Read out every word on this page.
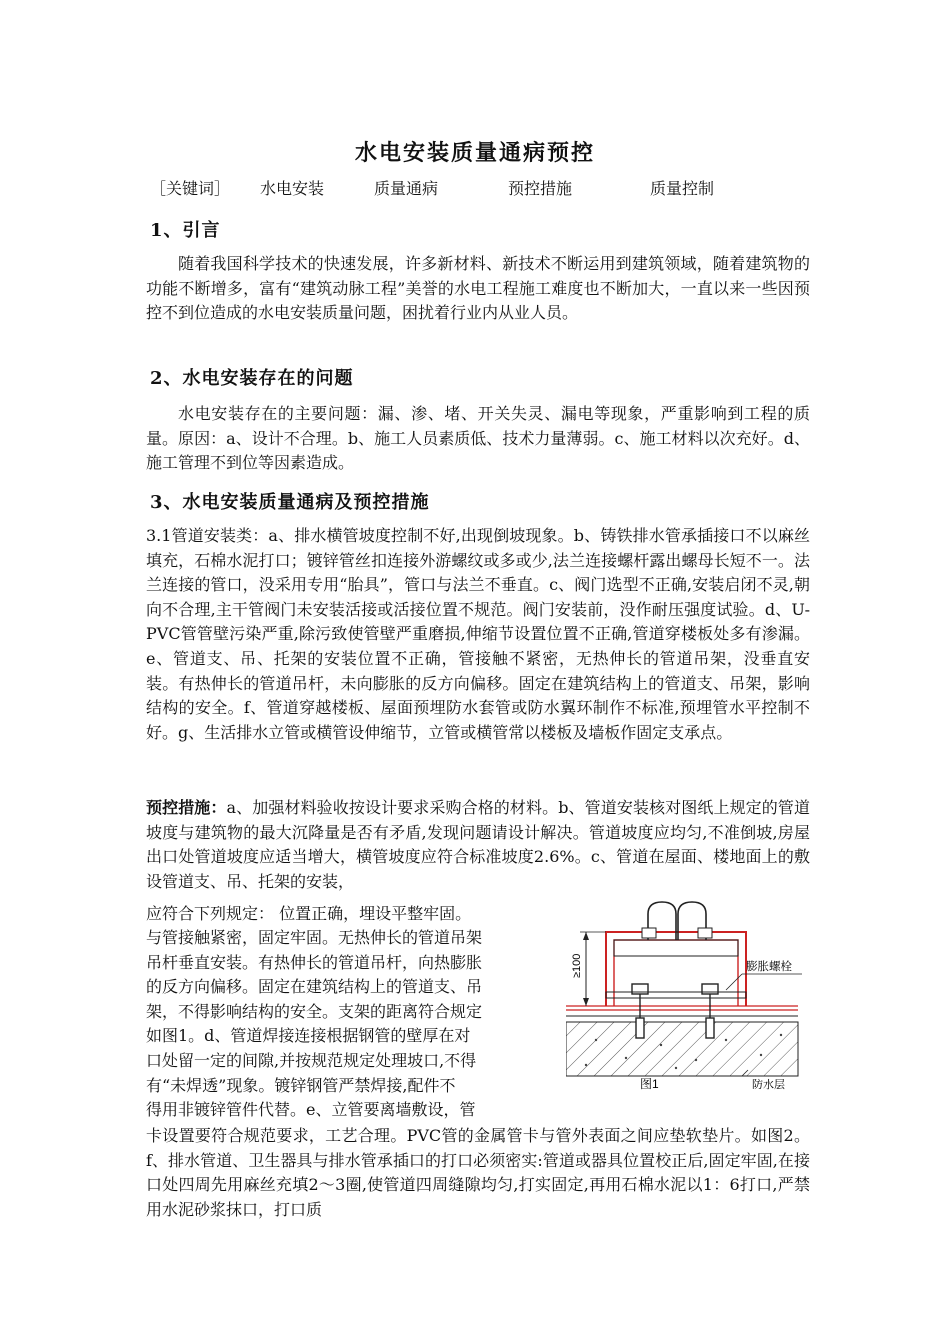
水电安装质量通病预控
［关键词］ 水电安装	质量通病	预控措施	质量控制
1、引言
随着我国科学技术的快速发展，许多新材料、新技术不断运用到建筑领域，随着建筑物的功能不断增多，富有“建筑动脉工程”美誉的水电工程施工难度也不断加大，一直以来一些因预控不到位造成的水电安装质量问题，困扰着行业内从业人员。
2、水电安装存在的问题
水电安装存在的主要问题：漏、渗、堵、开关失灵、漏电等现象，严重影响到工程的质量。原因：a、设计不合理。b、施工人员素质低、技术力量薄弱。c、施工材料以次充好。d、施工管理不到位等因素造成。
3、水电安装质量通病及预控措施
3.1管道安装类：a、排水横管坡度控制不好,出现倒坡现象。b、铸铁排水管承插接口不以麻丝填充，石棉水泥打口；镀锌管丝扣连接外游螺纹或多或少,法兰连接螺杆露出螺母长短不一。法兰连接的管口，没采用专用“胎具”，管口与法兰不垂直。c、阀门选型不正确,安装启闭不灵,朝向不合理,主干管阀门未安装活接或活接位置不规范。阀门安装前，没作耐压强度试验。d、U-PVC管管壁污染严重,除污致使管壁严重磨损,伸缩节设置位置不正确,管道穿楼板处多有渗漏。e、管道支、吊、托架的安装位置不正确，管接触不紧密，无热伸长的管道吊架，没垂直安装。有热伸长的管道吊杆，未向膨胀的反方向偏移。固定在建筑结构上的管道支、吊架，影响结构的安全。f、管道穿越楼板、屋面预埋防水套管或防水翼环制作不标准,预埋管水平控制不好。g、生活排水立管或横管设伸缩节，立管或横管常以楼板及墙板作固定支承点。
预控措施：a、加强材料验收按设计要求采购合格的材料。b、管道安装核对图纸上规定的管道坡度与建筑物的最大沉降量是否有矛盾,发现问题请设计解决。管道坡度应均匀,不准倒坡,房屋出口处管道坡度应适当增大，横管坡度应符合标准坡度2.6%。c、管道在屋面、楼地面上的敷设管道支、吊、托架的安装，
应符合下列规定： 位置正确，埋设平整牢固。
与管接触紧密，固定牢固。无热伸长的管道吊架
吊杆垂直安装。有热伸长的管道吊杆，向热膨胀
的反方向偏移。固定在建筑结构上的管道支、吊
架，不得影响结构的安全。支架的距离符合规定
如图1。d、管道焊接连接根据钢管的壁厚在对
口处留一定的间隙,并按规范规定处理坡口,不得
有“未焊透”现象。镀锌钢管严禁焊接,配件不
得用非镀锌管件代替。e、立管要离墙敷设，管
卡设置要符合规范要求，工艺合理。PVC管的金属管卡与管外表面之间应垫软垫片。如图2。f、排水管道、卫生器具与排水管承插口的打口必须密实:管道或器具位置校正后,固定牢固,在接口处四周先用麻丝充填2～3圈,使管道四周缝隙均匀,打实固定,再用石棉水泥以1：6打口,严禁用水泥砂浆抹口，打口质
≥100	膨胀螺栓
图1	防水层
